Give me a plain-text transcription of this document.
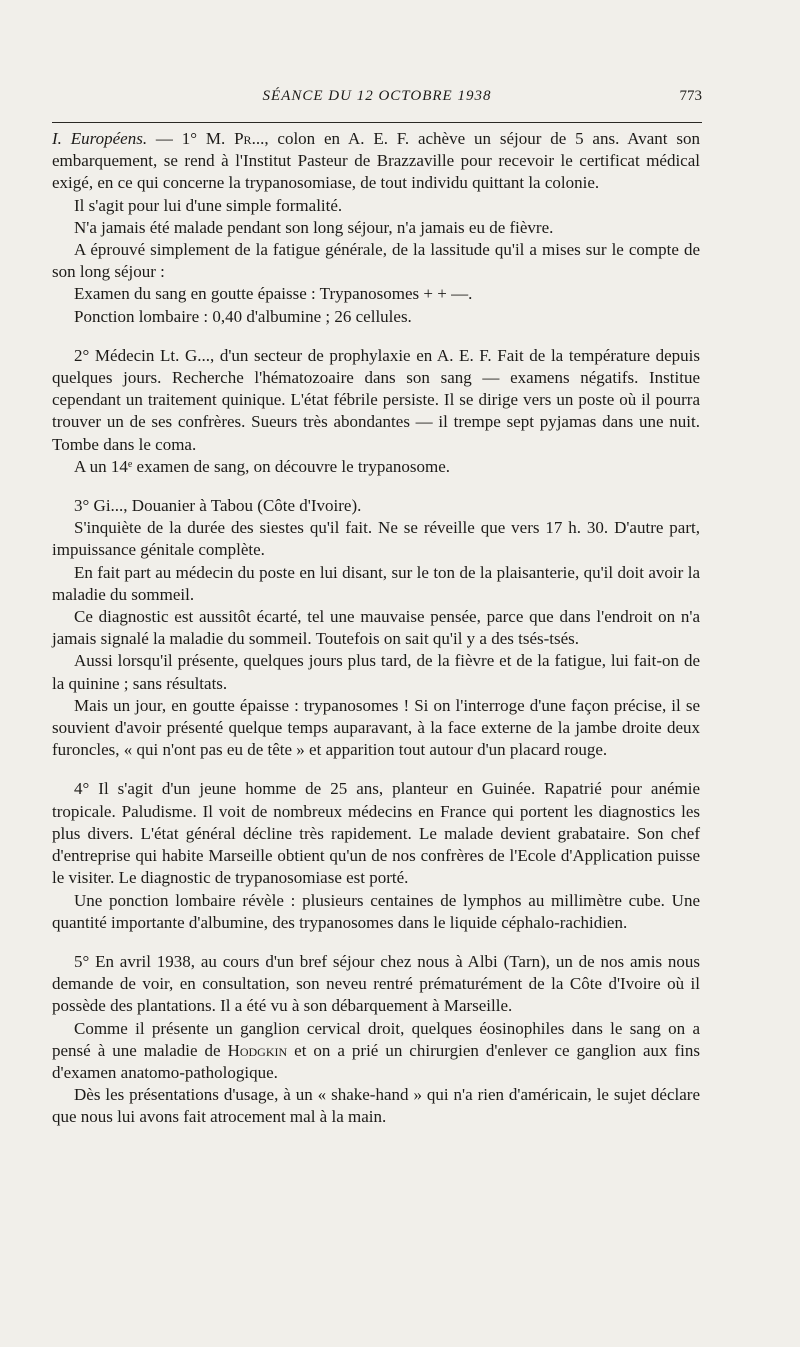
SÉANCE DU 12 OCTOBRE 1938	773

I. Européens. — 1° M. Pr..., colon en A. E. F. achève un séjour de 5 ans. Avant son embarquement, se rend à l'Institut Pasteur de Brazzaville pour recevoir le certificat médical exigé, en ce qui concerne la trypanosomiase, de tout individu quittant la colonie.

Il s'agit pour lui d'une simple formalité.

N'a jamais été malade pendant son long séjour, n'a jamais eu de fièvre.

A éprouvé simplement de la fatigue générale, de la lassitude qu'il a mises sur le compte de son long séjour :

Examen du sang en goutte épaisse : Trypanosomes + + —.

Ponction lombaire : 0,40 d'albumine ; 26 cellules.

2° Médecin Lt. G..., d'un secteur de prophylaxie en A. E. F. Fait de la température depuis quelques jours. Recherche l'hématozoaire dans son sang — examens négatifs. Institue cependant un traitement quinique. L'état fébrile persiste. Il se dirige vers un poste où il pourra trouver un de ses confrères. Sueurs très abondantes — il trempe sept pyjamas dans une nuit. Tombe dans le coma.

A un 14e examen de sang, on découvre le trypanosome.

3° Gi..., Douanier à Tabou (Côte d'Ivoire).

S'inquiète de la durée des siestes qu'il fait. Ne se réveille que vers 17 h. 30. D'autre part, impuissance génitale complète.

En fait part au médecin du poste en lui disant, sur le ton de la plaisanterie, qu'il doit avoir la maladie du sommeil.

Ce diagnostic est aussitôt écarté, tel une mauvaise pensée, parce que dans l'endroit on n'a jamais signalé la maladie du sommeil. Toutefois on sait qu'il y a des tsés-tsés.

Aussi lorsqu'il présente, quelques jours plus tard, de la fièvre et de la fatigue, lui fait-on de la quinine ; sans résultats.

Mais un jour, en goutte épaisse : trypanosomes ! Si on l'interroge d'une façon précise, il se souvient d'avoir présenté quelque temps auparavant, à la face externe de la jambe droite deux furoncles, « qui n'ont pas eu de tête » et apparition tout autour d'un placard rouge.

4° Il s'agit d'un jeune homme de 25 ans, planteur en Guinée. Rapatrié pour anémie tropicale. Paludisme. Il voit de nombreux médecins en France qui portent les diagnostics les plus divers. L'état général décline très rapidement. Le malade devient grabataire. Son chef d'entreprise qui habite Marseille obtient qu'un de nos confrères de l'Ecole d'Application puisse le visiter. Le diagnostic de trypanosomiase est porté.

Une ponction lombaire révèle : plusieurs centaines de lymphos au millimètre cube. Une quantité importante d'albumine, des trypanosomes dans le liquide céphalo-rachidien.

5° En avril 1938, au cours d'un bref séjour chez nous à Albi (Tarn), un de nos amis nous demande de voir, en consultation, son neveu rentré prématurément de la Côte d'Ivoire où il possède des plantations. Il a été vu à son débarquement à Marseille.

Comme il présente un ganglion cervical droit, quelques éosinophiles dans le sang on a pensé à une maladie de Hodgkin et on a prié un chirurgien d'enlever ce ganglion aux fins d'examen anatomo-pathologique.

Dès les présentations d'usage, à un « shake-hand » qui n'a rien d'américain, le sujet déclare que nous lui avons fait atrocement mal à la main.
